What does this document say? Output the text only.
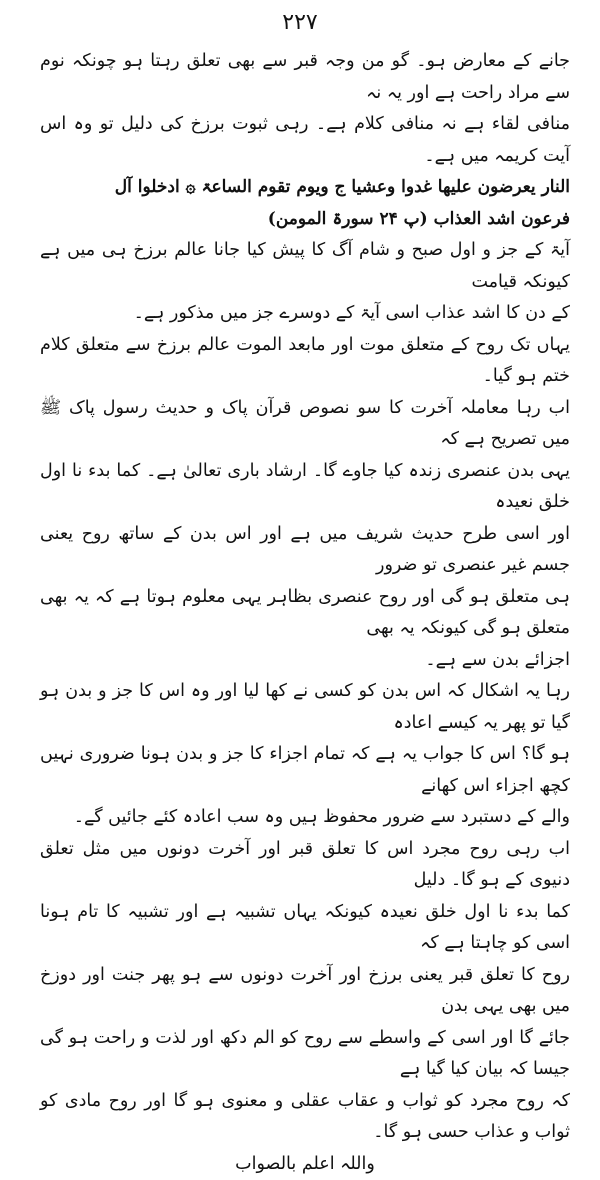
۲۲۷

جانے کے معارض ہو۔ گو من وجہ قبر سے بھی تعلق رہتا ہو چونکہ نوم سے مراد راحت ہے اور یہ نہ

منافی لقاء ہے نہ منافی کلام ہے۔ رہی ثبوت برزخ کی دلیل تو وہ اس آیت کریمہ میں ہے۔

النار یعرضون علیھا غدوا وعشیا ج ویوم تقوم الساعۃ ۞ ادخلوا آل

فرعون اشد العذاب (پ ۲۴ سورۃ المومن)

آیۃ کے جز و اول صبح و شام آگ کا پیش کیا جانا عالم برزخ ہی میں ہے کیونکہ قیامت

کے دن کا اشد عذاب اسی آیۃ کے دوسرے جز میں مذکور ہے۔

یہاں تک روح کے متعلق موت اور مابعد الموت عالم برزخ سے متعلق کلام ختم ہو گیا۔

اب رہا معاملہ آخرت کا سو نصوص قرآن پاک و حدیث رسول پاک ﷺ میں تصریح ہے کہ

یہی بدن عنصری زندہ کیا جاوے گا۔ ارشاد باری تعالیٰ ہے۔ کما بدء نا اول خلق نعیدہ

اور اسی طرح حدیث شریف میں ہے اور اس بدن کے ساتھ روح یعنی جسم غیر عنصری تو ضرور

ہی متعلق ہو گی اور روح عنصری بظاہر یہی معلوم ہوتا ہے کہ یہ بھی متعلق ہو گی کیونکہ یہ بھی

اجزائے بدن سے ہے۔

رہا یہ اشکال کہ اس بدن کو کسی نے کھا لیا اور وہ اس کا جز و بدن ہو گیا تو پھر یہ کیسے اعادہ

ہو گا؟ اس کا جواب یہ ہے کہ تمام اجزاء کا جز و بدن ہونا ضروری نہیں کچھ اجزاء اس کھانے

والے کے دستبرد سے ضرور محفوظ ہیں وہ سب اعادہ کئے جائیں گے۔

اب رہی روح مجرد اس کا تعلق قبر اور آخرت دونوں میں مثل تعلق دنیوی کے ہو گا۔ دلیل

کما بدء نا اول خلق نعیدہ کیونکہ یہاں تشبیہ ہے اور تشبیہ کا تام ہونا اسی کو چاہتا ہے کہ

روح کا تعلق قبر یعنی برزخ اور آخرت دونوں سے ہو پھر جنت اور دوزخ میں بھی یہی بدن

جائے گا اور اسی کے واسطے سے روح کو الم دکھ اور لذت و راحت ہو گی جیسا کہ بیان کیا گیا ہے

کہ روح مجرد کو ثواب و عقاب عقلی و معنوی ہو گا اور روح مادی کو ثواب و عذاب حسی ہو گا۔

واللہ اعلم بالصواب
